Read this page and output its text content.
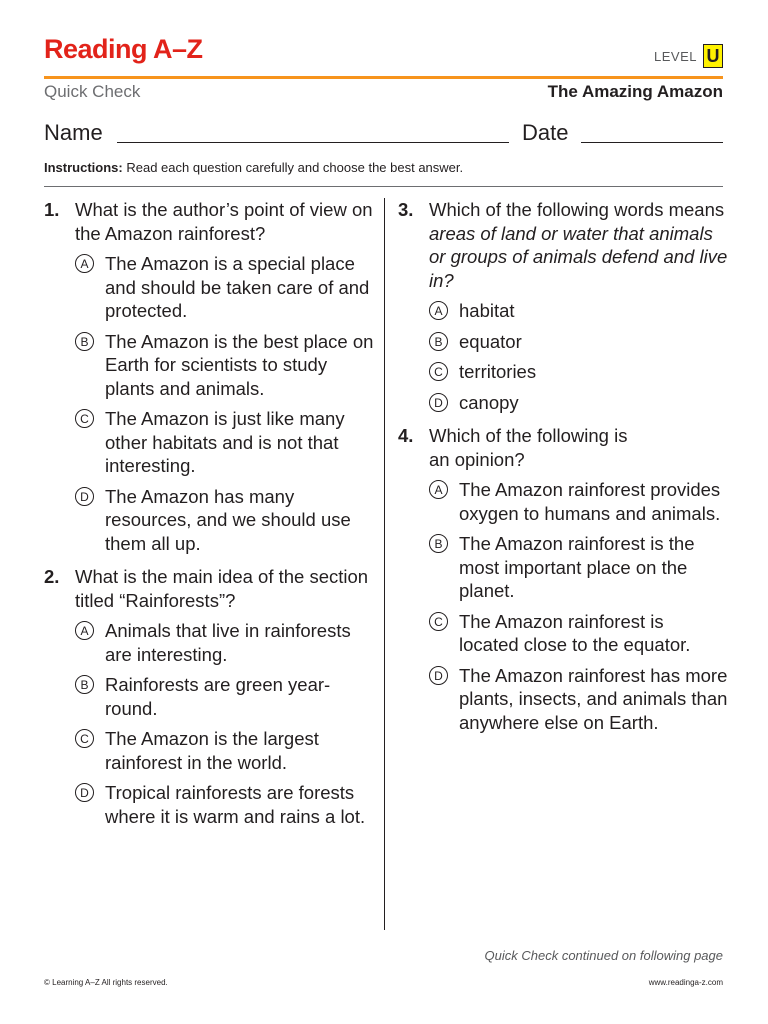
Reading A–Z	LEVEL U
Quick Check	The Amazing Amazon
Name	Date
Instructions: Read each question carefully and choose the best answer.
1. What is the author’s point of view on the Amazon rainforest?
A The Amazon is a special place and should be taken care of and protected.
B The Amazon is the best place on Earth for scientists to study plants and animals.
C The Amazon is just like many other habitats and is not that interesting.
D The Amazon has many resources, and we should use them all up.
2. What is the main idea of the section titled “Rainforests”?
A Animals that live in rainforests are interesting.
B Rainforests are green year-round.
C The Amazon is the largest rainforest in the world.
D Tropical rainforests are forests where it is warm and rains a lot.
3. Which of the following words means areas of land or water that animals or groups of animals defend and live in?
A habitat
B equator
C territories
D canopy
4. Which of the following is an opinion?
A The Amazon rainforest provides oxygen to humans and animals.
B The Amazon rainforest is the most important place on the planet.
C The Amazon rainforest is located close to the equator.
D The Amazon rainforest has more plants, insects, and animals than anywhere else on Earth.
Quick Check continued on following page
© Learning A–Z All rights reserved.	www.readinga-z.com
